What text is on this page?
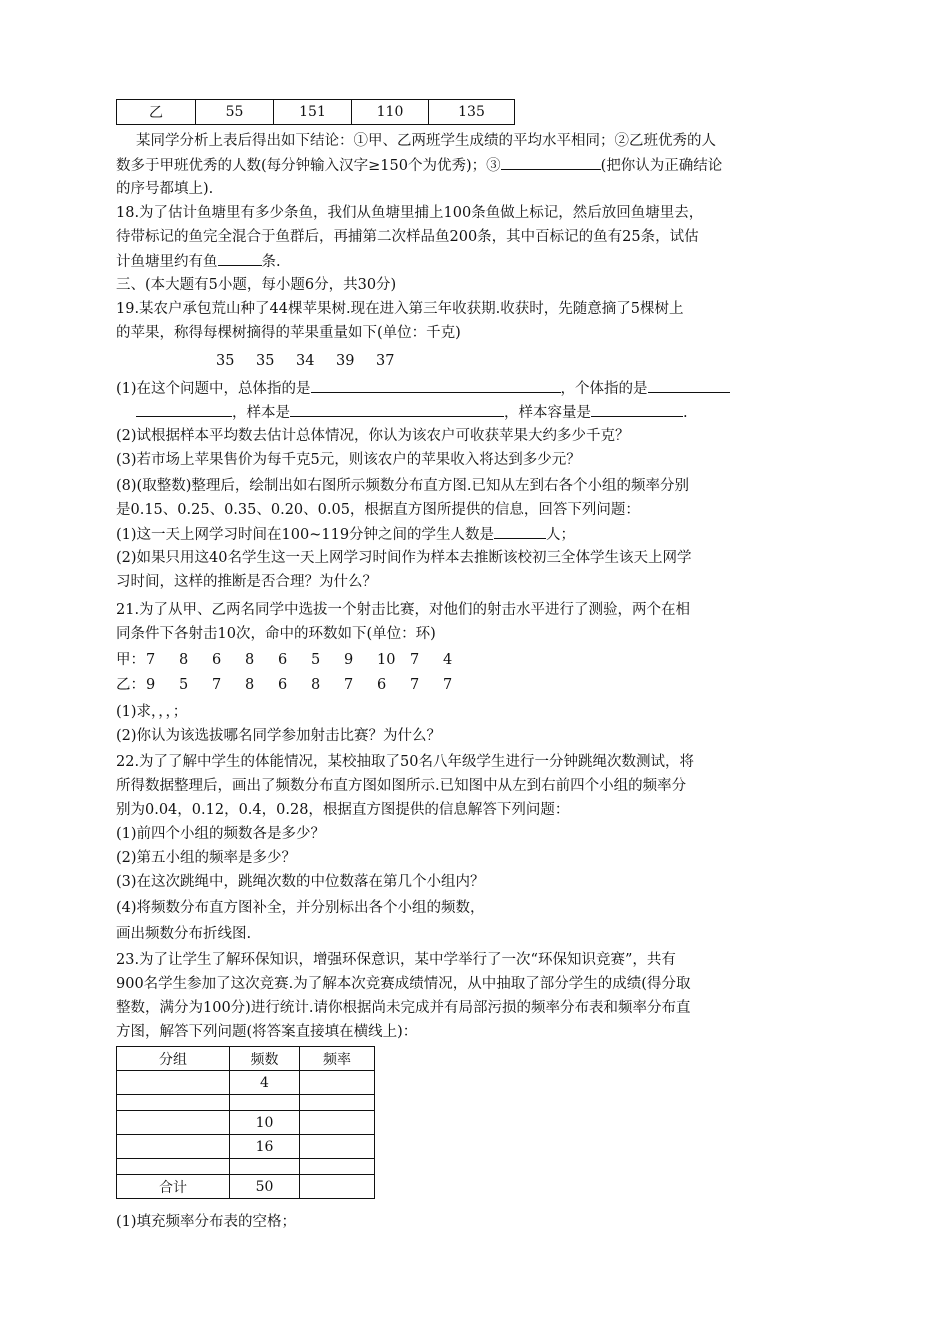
乙	55	151	110	135
某同学分析上表后得出如下结论：①甲、乙两班学生成绩的平均水平相同；②乙班优秀的人
数多于甲班优秀的人数(每分钟输入汉字≥150个为优秀)；③	(把你认为正确结论
的序号都填上).
18.为了估计鱼塘里有多少条鱼，我们从鱼塘里捕上100条鱼做上标记，然后放回鱼塘里去，
待带标记的鱼完全混合于鱼群后，再捕第二次样品鱼200条，其中百标记的鱼有25条，试估
计鱼塘里约有鱼	条.
三、(本大题有5小题，每小题6分，共30分)
19.某农户承包荒山种了44棵苹果树.现在进入第三年收获期.收获时，先随意摘了5棵树上
的苹果，称得每棵树摘得的苹果重量如下(单位：千克)
35 35 34 39 37
(1)在这个问题中，总体指的是	，个体指的是
，样本是	，样本容量是	.
(2)试根据样本平均数去估计总体情况，你认为该农户可收获苹果大约多少千克？
(3)若市场上苹果售价为每千克5元，则该农户的苹果收入将达到多少元？
(8)(取整数)整理后，绘制出如右图所示频数分布直方图.已知从左到右各个小组的频率分别
是0.15、0.25、0.35、0.20、0.05，根据直方图所提供的信息，回答下列问题：
(1)这一天上网学习时间在100~119分钟之间的学生人数是	人；
(2)如果只用这40名学生这一天上网学习时间作为样本去推断该校初三全体学生该天上网学
习时间，这样的推断是否合理？为什么？
21.为了从甲、乙两名同学中选拔一个射击比赛，对他们的射击水平进行了测验，两个在相
同条件下各射击10次，命中的环数如下(单位：环)
甲：7 8 6 8 6 5 9 10 7 4
乙：9 5 7 8 6 8 7 6 7 7
(1)求，，，；
(2)你认为该选拔哪名同学参加射击比赛？为什么？
22.为了了解中学生的体能情况，某校抽取了50名八年级学生进行一分钟跳绳次数测试，将
所得数据整理后，画出了频数分布直方图如图所示.已知图中从左到右前四个小组的频率分
别为0.04，0.12，0.4，0.28，根据直方图提供的信息解答下列问题：
(1)前四个小组的频数各是多少？
(2)第五小组的频率是多少？
(3)在这次跳绳中，跳绳次数的中位数落在第几个小组内？
(4)将频数分布直方图补全，并分别标出各个小组的频数，
画出频数分布折线图.
23.为了让学生了解环保知识，增强环保意识，某中学举行了一次“环保知识竞赛”，共有
900名学生参加了这次竞赛.为了解本次竞赛成绩情况，从中抽取了部分学生的成绩(得分取
整数，满分为100分)进行统计.请你根据尚未完成并有局部污损的频率分布表和频率分布直
方图，解答下列问题(将答案直接填在横线上)：
分组	频数	频率
	4	

	10	
	16	

合计	50	
(1)填充频率分布表的空格；
